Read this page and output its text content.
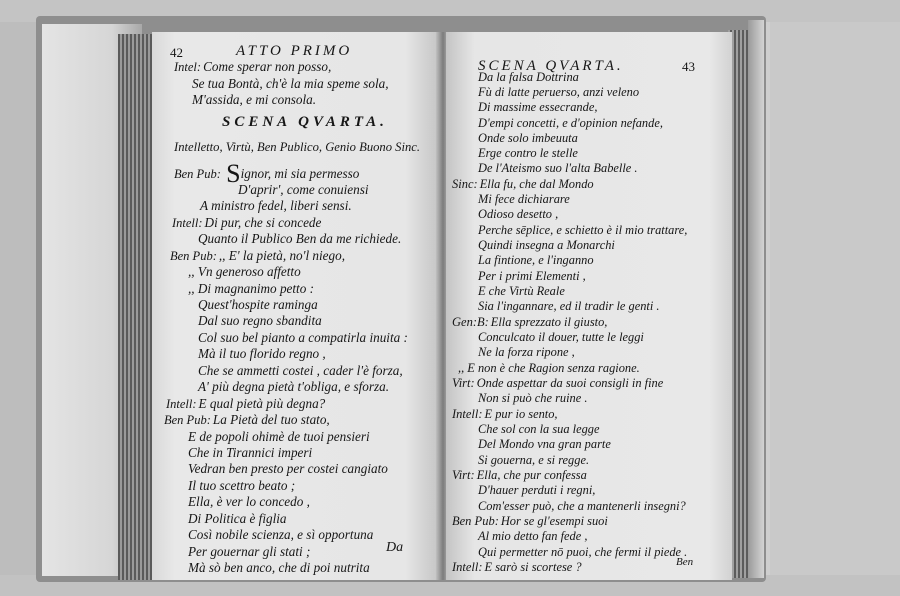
42	ATTO PRIMO
Intel: Come sperar non posso,
Se tua Bontà, ch'è la mia speme sola,
M'assida, e mi consola.
SCENA QVARTA.
Intelletto, Virtù, Ben Publico, Genio Buono Sinc.
Ben Pub: Signor, mi sia permesso
D'aprir', come conuiensi
A ministro fedel, liberi sensi.
Intell: Di pur, che si concede
Quanto il Publico Ben da me richiede.
Ben Pub: ,, E' la pietà, no'l niego,
,, Vn generoso affetto
,, Di magnanimo petto :
Quest'hospite raminga
Dal suo regno sbandita
Col suo bel pianto a compatirla inuita :
Mà il tuo florido regno ,
Che se ammetti costei , cader l'è forza,
A' più degna pietà t'obliga, e sforza.
Intell: E qual pietà più degna?
Ben Pub: La Pietà del tuo stato,
E de popoli ohimè de tuoi pensieri
Che in Tirannici imperi
Vedran ben presto per costei cangiato
Il tuo scettro beato ;
Ella, è ver lo concedo ,
Di Politica è figlia
Così nobile scienza, e sì opportuna
Per gouernar gli stati ;
Mà sò ben anco, che di poi nutrita
Da
SCENA QVARTA.	43
Da la falsa Dottrina
Fù di latte peruerso, anzi veleno
Di massime essecrande,
D'empi concetti, e d'opinion nefande,
Onde solo imbeuuta
Erge contro le stelle
De l'Ateismo suo l'alta Babelle .
Sinc: Ella fu, che dal Mondo
Mi fece dichiarare
Odioso desetto ,
Perche sēplice, e schietto è il mio trattare,
Quindi insegna a Monarchi
La fintione, e l'inganno
Per i primi Elementi ,
E che Virtù Reale
Sia l'ingannare, ed il tradir le genti .
Gen:B: Ella sprezzato il giusto,
Conculcato il douer, tutte le leggi
Ne la forza ripone ,
,, E non è che Ragion senza ragione.
Virt: Onde aspettar da suoi consigli in fine
Non si può che ruine .
Intell: E pur io sento,
Che sol con la sua legge
Del Mondo vna gran parte
Si gouerna, e si regge.
Virt: Ella, che pur confessa
D'hauer perduti i regni,
Com'esser può, che a mantenerli insegni?
Ben Pub: Hor se gl'esempi suoi
Al mio detto fan fede ,
Qui permetter nō puoi, che fermi il piede .
Intell: E sarò si scortese ?	Ben
